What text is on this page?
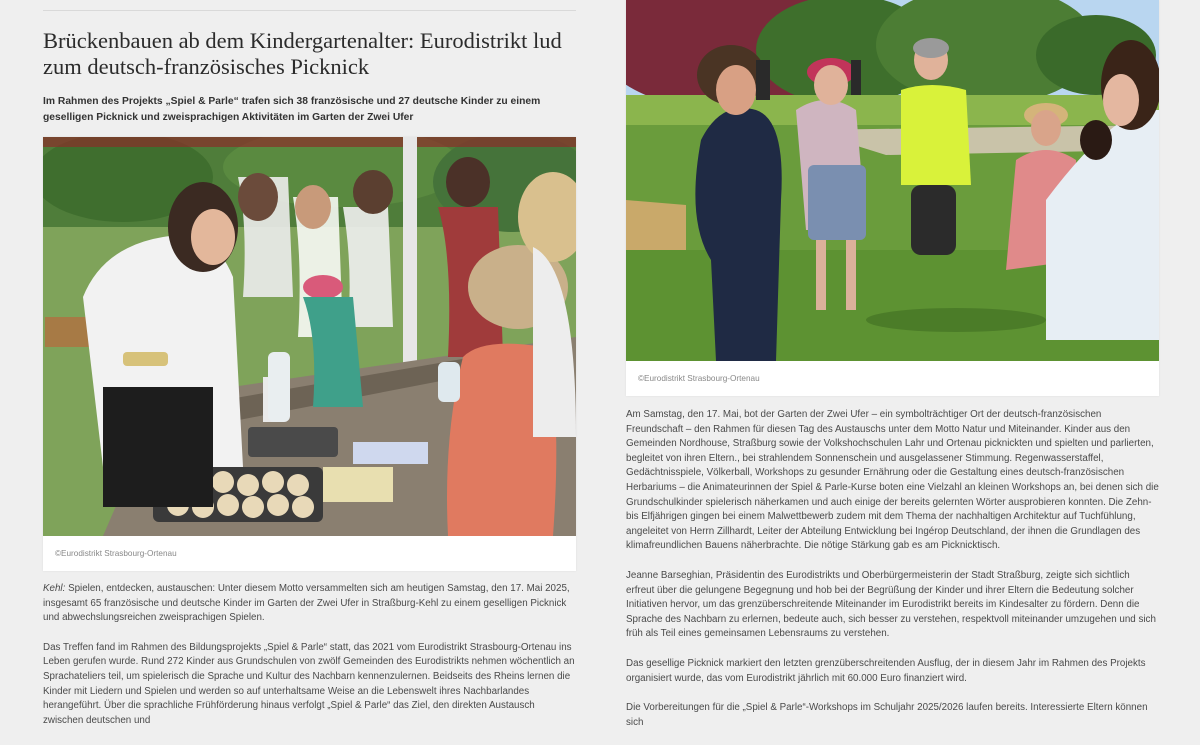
Brückenbauen ab dem Kindergartenalter: Eurodistrikt lud zum deutsch-französisches Picknick

Im Rahmen des Projekts „Spiel & Parle“ trafen sich 38 französische und 27 deutsche Kinder zu einem geselligen Picknick und zweisprachigen Aktivitäten im Garten der Zwei Ufer

©Eurodistrikt Strasbourg-Ortenau

Kehl: Spielen, entdecken, austauschen: Unter diesem Motto versammelten sich am heutigen Samstag, den 17. Mai 2025, insgesamt 65 französische und deutsche Kinder im Garten der Zwei Ufer in Straßburg-Kehl zu einem geselligen Picknick und abwechslungsreichen zweisprachigen Spielen.

Das Treffen fand im Rahmen des Bildungsprojekts „Spiel & Parle“ statt, das 2021 vom Eurodistrikt Strasbourg-Ortenau ins Leben gerufen wurde. Rund 272 Kinder aus Grundschulen von zwölf Gemeinden des Eurodistrikts nehmen wöchentlich an Sprachateliers teil, um spielerisch die Sprache und Kultur des Nachbarn kennenzulernen. Beidseits des Rheins lernen die Kinder mit Liedern und Spielen und werden so auf unterhaltsame Weise an die Lebenswelt ihres Nachbarlandes herangeführt. Über die sprachliche Frühförderung hinaus verfolgt „Spiel & Parle“ das Ziel, den direkten Austausch zwischen deutschen und

©Eurodistrikt Strasbourg-Ortenau

Am Samstag, den 17. Mai, bot der Garten der Zwei Ufer – ein symbolträchtiger Ort der deutsch-französischen Freundschaft – den Rahmen für diesen Tag des Austauschs unter dem Motto Natur und Miteinander. Kinder aus den Gemeinden Nordhouse, Straßburg sowie der Volkshochschulen Lahr und Ortenau picknickten und spielten und parlierten, begleitet von ihren Eltern., bei strahlendem Sonnenschein und ausgelassener Stimmung. Regenwasserstaffel, Gedächtnisspiele, Völkerball, Workshops zu gesunder Ernährung oder die Gestaltung eines deutsch-französischen Herbariums – die Animateurinnen der Spiel & Parle-Kurse boten eine Vielzahl an kleinen Workshops an, bei denen sich die Grundschulkinder spielerisch näherkamen und auch einige der bereits gelernten Wörter ausprobieren konnten. Die Zehn- bis Elfjährigen gingen bei einem Malwettbewerb zudem mit dem Thema der nachhaltigen Architektur auf Tuchfühlung, angeleitet von Herrn Zillhardt, Leiter der Abteilung Entwicklung bei Ingérop Deutschland, der ihnen die Grundlagen des klimafreundlichen Bauens näherbrachte. Die nötige Stärkung gab es am Picknicktisch.

Jeanne Barseghian, Präsidentin des Eurodistrikts und Oberbürgermeisterin der Stadt Straßburg, zeigte sich sichtlich erfreut über die gelungene Begegnung und hob bei der Begrüßung der Kinder und ihrer Eltern die Bedeutung solcher Initiativen hervor, um das grenzüberschreitende Miteinander im Eurodistrikt bereits im Kindesalter zu fördern. Denn die Sprache des Nachbarn zu erlernen, bedeute auch, sich besser zu verstehen, respektvoll miteinander umzugehen und sich früh als Teil eines gemeinsamen Lebensraums zu verstehen.

Das gesellige Picknick markiert den letzten grenzüberschreitenden Ausflug, der in diesem Jahr im Rahmen des Projekts organisiert wurde, das vom Eurodistrikt jährlich mit 60.000 Euro finanziert wird.

Die Vorbereitungen für die „Spiel & Parle“-Workshops im Schuljahr 2025/2026 laufen bereits. Interessierte Eltern können sich
